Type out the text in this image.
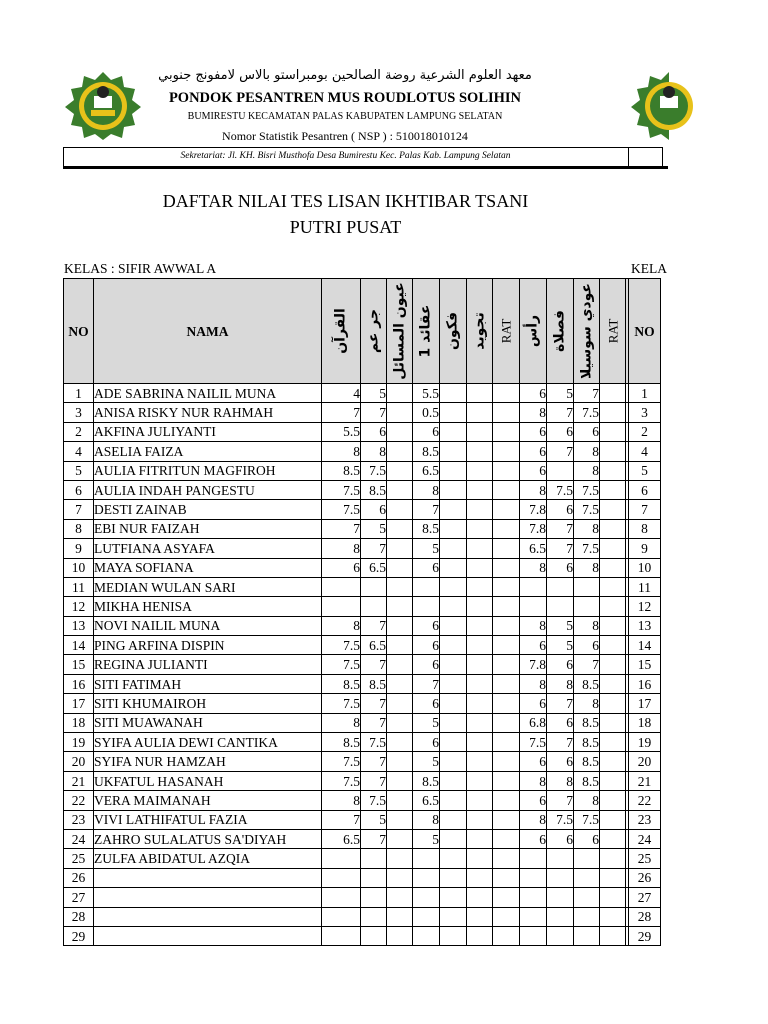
معهد العلوم الشرعية روضة الصالحين بومبراستو بالاس لامفونج جنوبي
PONDOK PESANTREN MUS ROUDLOTUS SOLIHIN
BUMIRESTU KECAMATAN PALAS KABUPATEN LAMPUNG SELATAN
Nomor Statistik Pesantren ( NSP ) : 510018010124
Sekretariat: Jl. KH. Bisri Musthofa Desa Bumirestu Kec. Palas Kab. Lampung Selatan
DAFTAR NILAI TES LISAN IKHTIBAR TSANI
PUTRI PUSAT
KELAS : SIFIR AWWAL A	KELA
NO	NAMA	القرآن	جر عم	عيون المسائل	عقائد 1	فكون	تجويد	RAT	رأس	فصلاة	عودي سوسيلا	RAT		NO
1	ADE SABRINA NAILIL MUNA	4	5		5.5				6	5	7			1
3	ANISA RISKY NUR RAHMAH	7	7		0.5				8	7	7.5			3
2	AKFINA JULIYANTI	5.5	6		6				6	6	6			2
4	ASELIA FAIZA	8	8		8.5				6	7	8			4
5	AULIA FITRITUN MAGFIROH	8.5	7.5		6.5				6		8			5
6	AULIA INDAH PANGESTU	7.5	8.5		8				8	7.5	7.5			6
7	DESTI ZAINAB	7.5	6		7				7.8	6	7.5			7
8	EBI NUR FAIZAH	7	5		8.5				7.8	7	8			8
9	LUTFIANA ASYAFA	8	7		5				6.5	7	7.5			9
10	MAYA SOFIANA	6	6.5		6				8	6	8			10
11	MEDIAN WULAN SARI													11
12	MIKHA HENISA													12
13	NOVI NAILIL MUNA	8	7		6				8	5	8			13
14	PING ARFINA DISPIN	7.5	6.5		6				6	5	6			14
15	REGINA JULIANTI	7.5	7		6				7.8	6	7			15
16	SITI FATIMAH	8.5	8.5		7				8	8	8.5			16
17	SITI KHUMAIROH	7.5	7		6				6	7	8			17
18	SITI MUAWANAH	8	7		5				6.8	6	8.5			18
19	SYIFA AULIA DEWI CANTIKA	8.5	7.5		6				7.5	7	8.5			19
20	SYIFA NUR HAMZAH	7.5	7		5				6	6	8.5			20
21	UKFATUL HASANAH	7.5	7		8.5				8	8	8.5			21
22	VERA MAIMANAH	8	7.5		6.5				6	7	8			22
23	VIVI LATHIFATUL FAZIA	7	5		8				8	7.5	7.5			23
24	ZAHRO SULALATUS SA'DIYAH	6.5	7		5				6	6	6			24
25	ZULFA ABIDATUL AZQIA													25
26														26
27														27
28														28
29														29
